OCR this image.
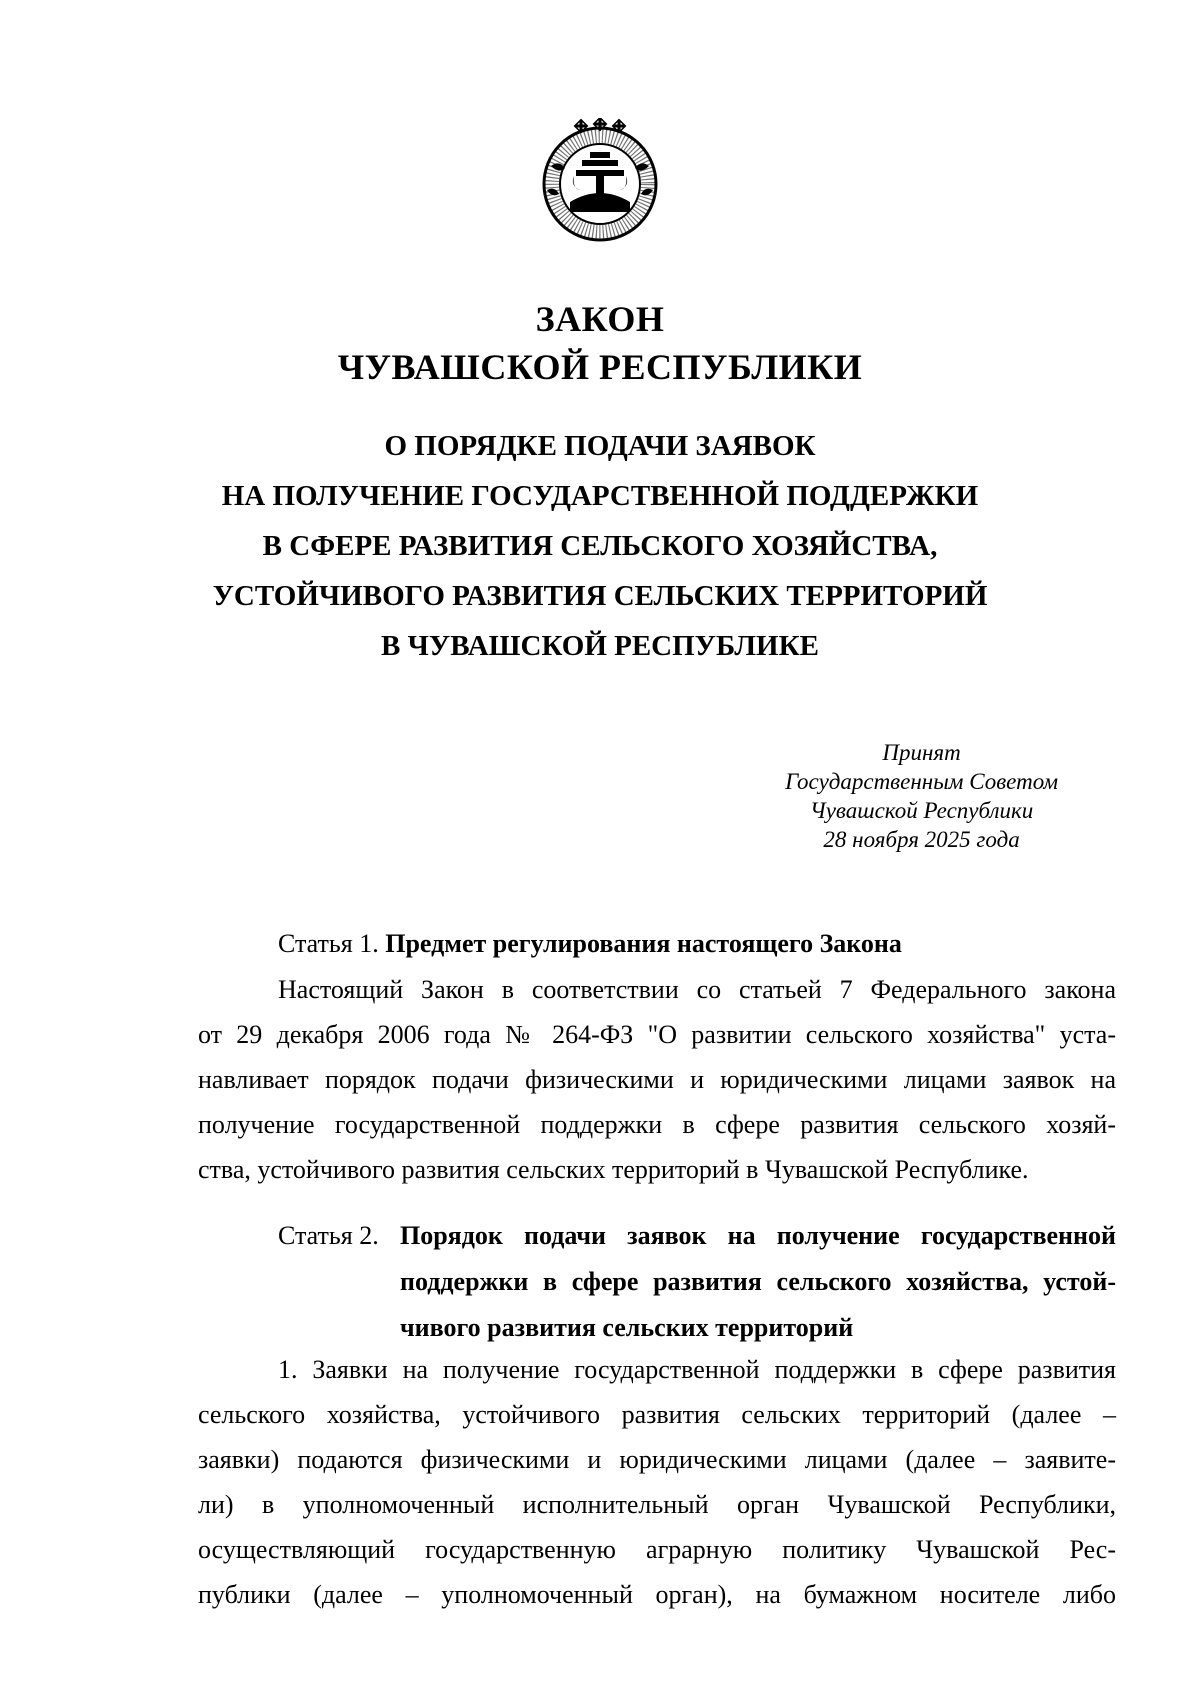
ЗАКОН
ЧУВАШСКОЙ РЕСПУБЛИКИ
О ПОРЯДКЕ ПОДАЧИ ЗАЯВОК
НА ПОЛУЧЕНИЕ ГОСУДАРСТВЕННОЙ ПОДДЕРЖКИ
В СФЕРЕ РАЗВИТИЯ СЕЛЬСКОГО ХОЗЯЙСТВА,
УСТОЙЧИВОГО РАЗВИТИЯ СЕЛЬСКИХ ТЕРРИТОРИЙ
В ЧУВАШСКОЙ РЕСПУБЛИКЕ
Принят
Государственным Советом
Чувашской Республики
28 ноября 2025 года
Статья 1. Предмет регулирования настоящего Закона
Настоящий Закон в соответствии со статьей 7 Федерального закона
от 29 декабря 2006 года № 264-ФЗ "О развитии сельского хозяйства" уста-
навливает порядок подачи физическими и юридическими лицами заявок на
получение государственной поддержки в сфере развития сельского хозяй-
ства, устойчивого развития сельских территорий в Чувашской Республике.
Статья 2. Порядок подачи заявок на получение государственной
поддержки в сфере развития сельского хозяйства, устой-
чивого развития сельских территорий
1. Заявки на получение государственной поддержки в сфере развития
сельского хозяйства, устойчивого развития сельских территорий (далее –
заявки) подаются физическими и юридическими лицами (далее – заявите-
ли) в уполномоченный исполнительный орган Чувашской Республики,
осуществляющий государственную аграрную политику Чувашской Рес-
публики (далее – уполномоченный орган), на бумажном носителе либо
